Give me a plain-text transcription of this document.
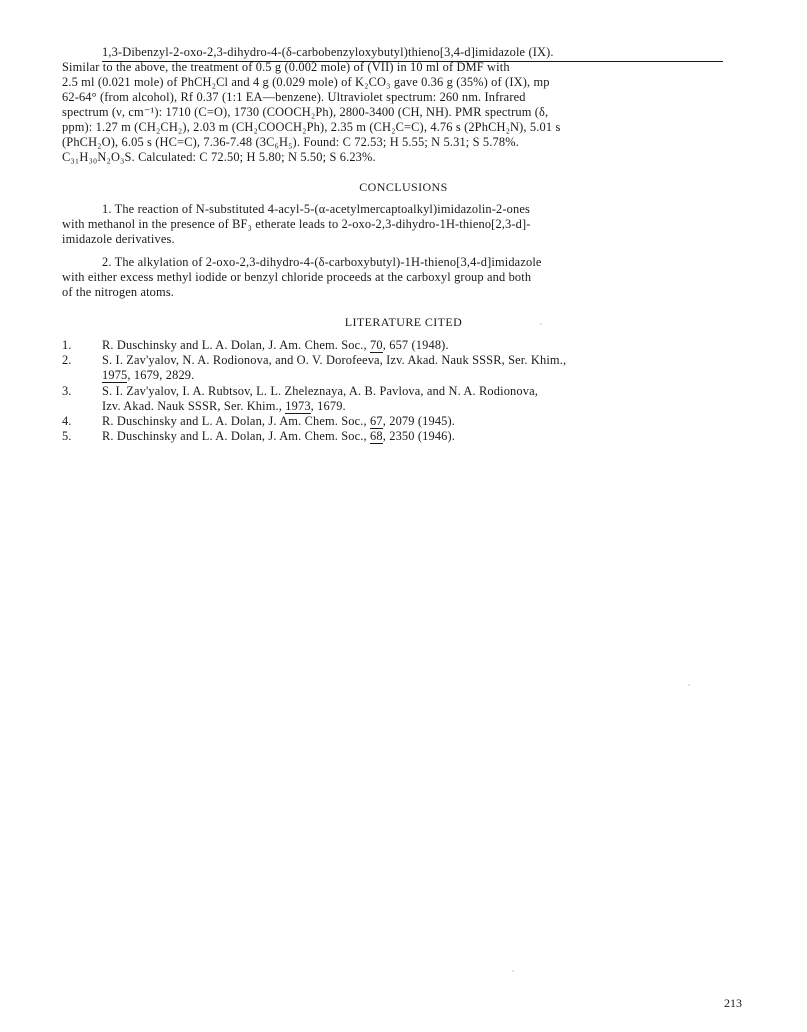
1,3-Dibenzyl-2-oxo-2,3-dihydro-4-(δ-carbobenzyloxybutyl)thieno[3,4-d]imidazole (IX).
Similar to the above, the treatment of 0.5 g (0.002 mole) of (VII) in 10 ml of DMF with
2.5 ml (0.021 mole) of PhCH₂Cl and 4 g (0.029 mole) of K₂CO₃ gave 0.36 g (35%) of (IX), mp
62-64° (from alcohol), Rf 0.37 (1:1 EA—benzene). Ultraviolet spectrum: 260 nm. Infrared
spectrum (ν, cm⁻¹): 1710 (C=O), 1730 (COOCH₂Ph), 2800-3400 (CH, NH). PMR spectrum (δ,
ppm): 1.27 m (CH₂CH₂), 2.03 m (CH₂COOCH₂Ph), 2.35 m (CH₂C=C), 4.76 s (2PhCH₂N), 5.01 s
(PhCH₂O), 6.05 s (HC=C), 7.36-7.48 (3C₆H₅). Found: C 72.53; H 5.55; N 5.31; S 5.78%.
C₃₁H₃₀N₂O₃S. Calculated: C 72.50; H 5.80; N 5.50; S 6.23%.
CONCLUSIONS
1. The reaction of N-substituted 4-acyl-5-(α-acetylmercaptoalkyl)imidazolin-2-ones
with methanol in the presence of BF₃ etherate leads to 2-oxo-2,3-dihydro-1H-thieno[2,3-d]-
imidazole derivatives.
2. The alkylation of 2-oxo-2,3-dihydro-4-(δ-carboxybutyl)-1H-thieno[3,4-d]imidazole
with either excess methyl iodide or benzyl chloride proceeds at the carboxyl group and both
of the nitrogen atoms.
LITERATURE CITED
1. R. Duschinsky and L. A. Dolan, J. Am. Chem. Soc., 70, 657 (1948).
2. S. I. Zav'yalov, N. A. Rodionova, and O. V. Dorofeeva, Izv. Akad. Nauk SSSR, Ser. Khim.,
1975, 1679, 2829.
3. S. I. Zav'yalov, I. A. Rubtsov, L. L. Zheleznaya, A. B. Pavlova, and N. A. Rodionova,
Izv. Akad. Nauk SSSR, Ser. Khim., 1973, 1679.
4. R. Duschinsky and L. A. Dolan, J. Am. Chem. Soc., 67, 2079 (1945).
5. R. Duschinsky and L. A. Dolan, J. Am. Chem. Soc., 68, 2350 (1946).
213
